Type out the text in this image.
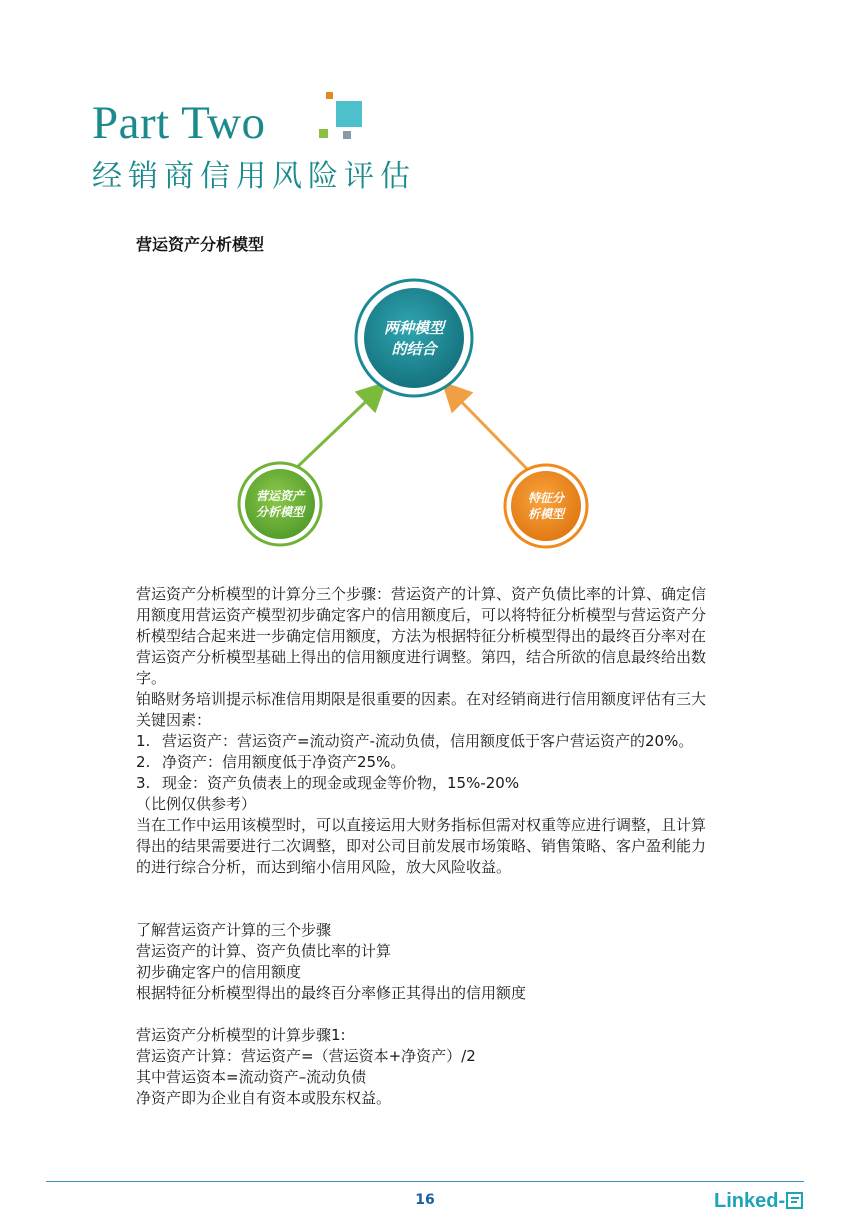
Part Two
经销商信用风险评估
营运资产分析模型
两种模型
的结合
营运资产
分析模型
特征分
析模型

营运资产分析模型的计算分三个步骤：营运资产的计算、资产负债比率的计算、确定信用额度用营运资产模型初步确定客户的信用额度后，可以将特征分析模型与营运资产分析模型结合起来进一步确定信用额度，方法为根据特征分析模型得出的最终百分率对在营运资产分析模型基础上得出的信用额度进行调整。第四，结合所欲的信息最终给出数字。

铂略财务培训提示标准信用期限是很重要的因素。在对经销商进行信用额度评估有三大关键因素：

1. 营运资产：营运资产=流动资产-流动负债，信用额度低于客户营运资产的20%。
2. 净资产：信用额度低于净资产25%。
3. 现金：资产负债表上的现金或现金等价物，15%-20%

（比例仅供参考）

当在工作中运用该模型时，可以直接运用大财务指标但需对权重等应进行调整，且计算得出的结果需要进行二次调整，即对公司目前发展市场策略、销售策略、客户盈利能力的进行综合分析，而达到缩小信用风险，放大风险收益。

了解营运资产计算的三个步骤

营运资产的计算、资产负债比率的计算

初步确定客户的信用额度

根据特征分析模型得出的最终百分率修正其得出的信用额度

营运资产分析模型的计算步骤1:

营运资产计算：营运资产=（营运资本+净资产）/2

其中营运资本=流动资产–流动负债

净资产即为企业自有资本或股东权益。

16	Linked-
